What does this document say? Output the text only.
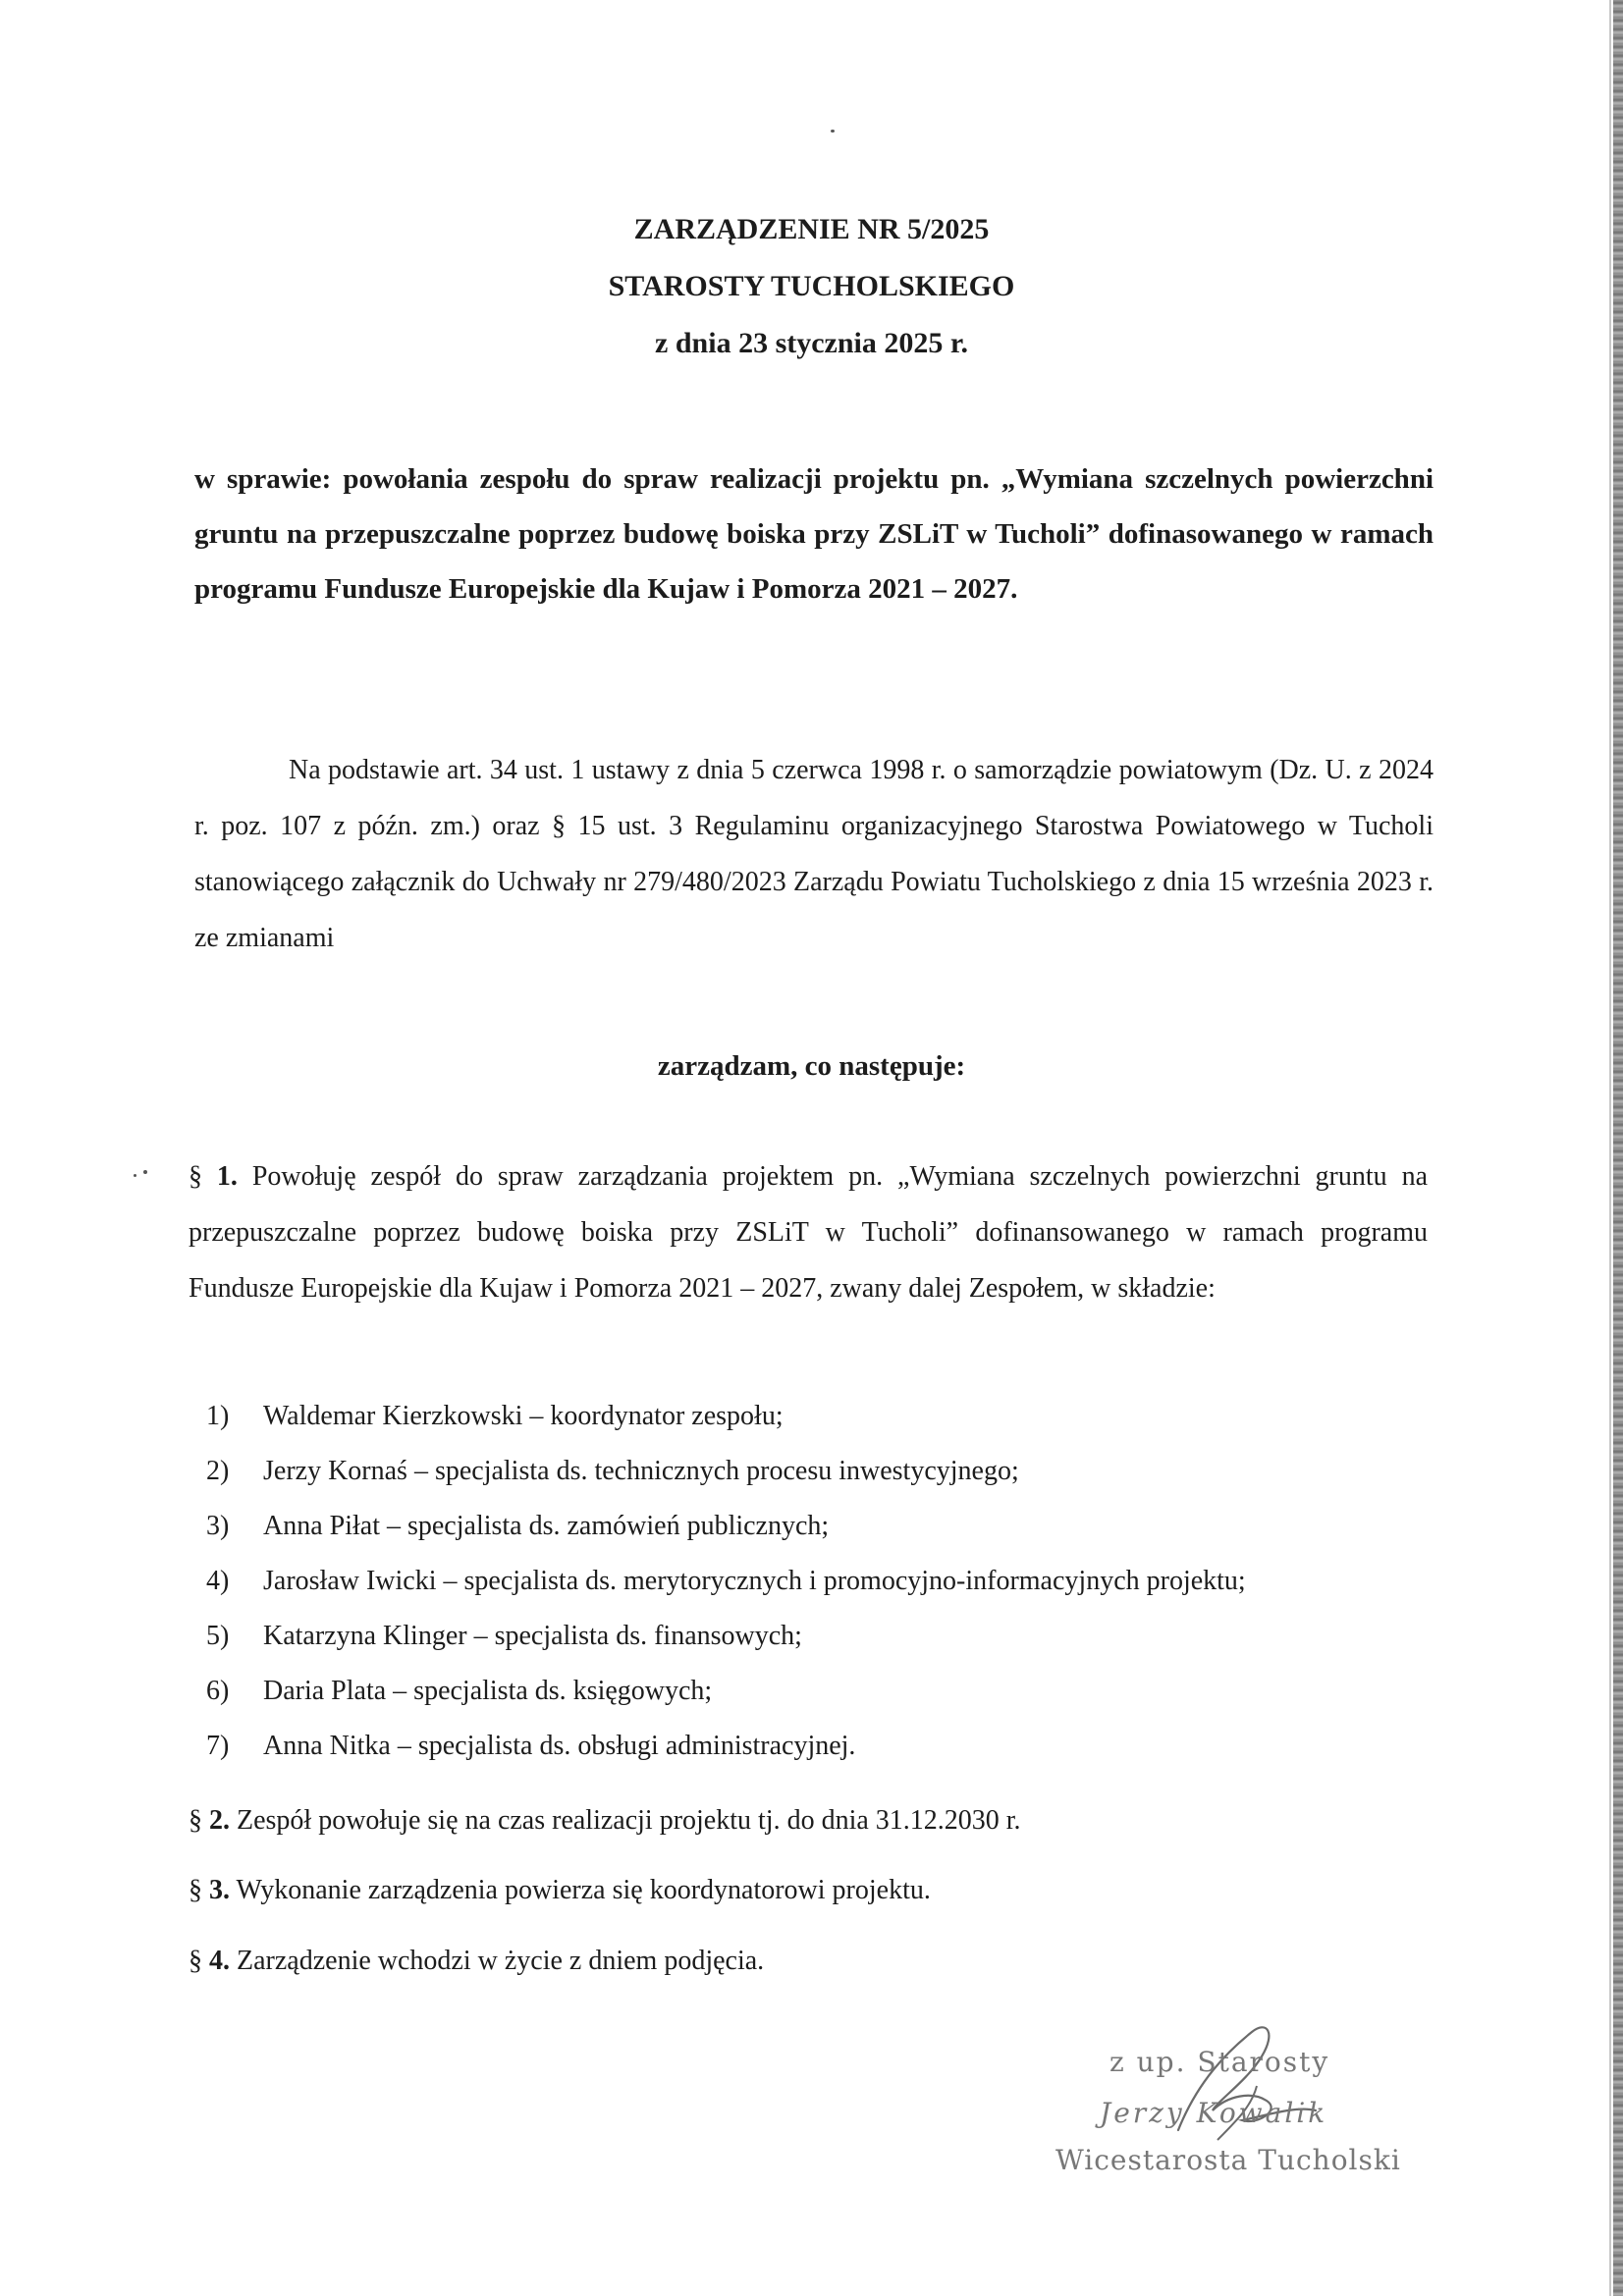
ZARZĄDZENIE NR 5/2025
STAROSTY TUCHOLSKIEGO
z dnia 23 stycznia 2025 r.
w sprawie: powołania zespołu do spraw realizacji projektu pn. „Wymiana szczelnych powierzchni gruntu na przepuszczalne poprzez budowę boiska przy ZSLiT w Tucholi” dofinasowanego w ramach programu Fundusze Europejskie dla Kujaw i Pomorza 2021 – 2027.
Na podstawie art. 34 ust. 1 ustawy z dnia 5 czerwca 1998 r. o samorządzie powiatowym (Dz. U. z 2024 r. poz. 107 z późn. zm.) oraz § 15 ust. 3 Regulaminu organizacyjnego Starostwa Powiatowego w Tucholi stanowiącego załącznik do Uchwały nr 279/480/2023 Zarządu Powiatu Tucholskiego z dnia 15 września 2023 r. ze zmianami
zarządzam, co następuje:
§ 1. Powołuję zespół do spraw zarządzania projektem pn. „Wymiana szczelnych powierzchni gruntu na przepuszczalne poprzez budowę boiska przy ZSLiT w Tucholi” dofinansowanego w ramach programu Fundusze Europejskie dla Kujaw i Pomorza 2021 – 2027, zwany dalej Zespołem, w składzie:
1) Waldemar Kierzkowski – koordynator zespołu;
2) Jerzy Kornaś – specjalista ds. technicznych procesu inwestycyjnego;
3) Anna Piłat – specjalista ds. zamówień publicznych;
4) Jarosław Iwicki – specjalista ds. merytorycznych i promocyjno-informacyjnych projektu;
5) Katarzyna Klinger – specjalista ds. finansowych;
6) Daria Plata – specjalista ds. księgowych;
7) Anna Nitka – specjalista ds. obsługi administracyjnej.
§ 2. Zespół powołuje się na czas realizacji projektu tj. do dnia 31.12.2030 r.
§ 3. Wykonanie zarządzenia powierza się koordynatorowi projektu.
§ 4. Zarządzenie wchodzi w życie z dniem podjęcia.
z up. Starosty
Jerzy Kowalik
Wicestarosta Tucholski
